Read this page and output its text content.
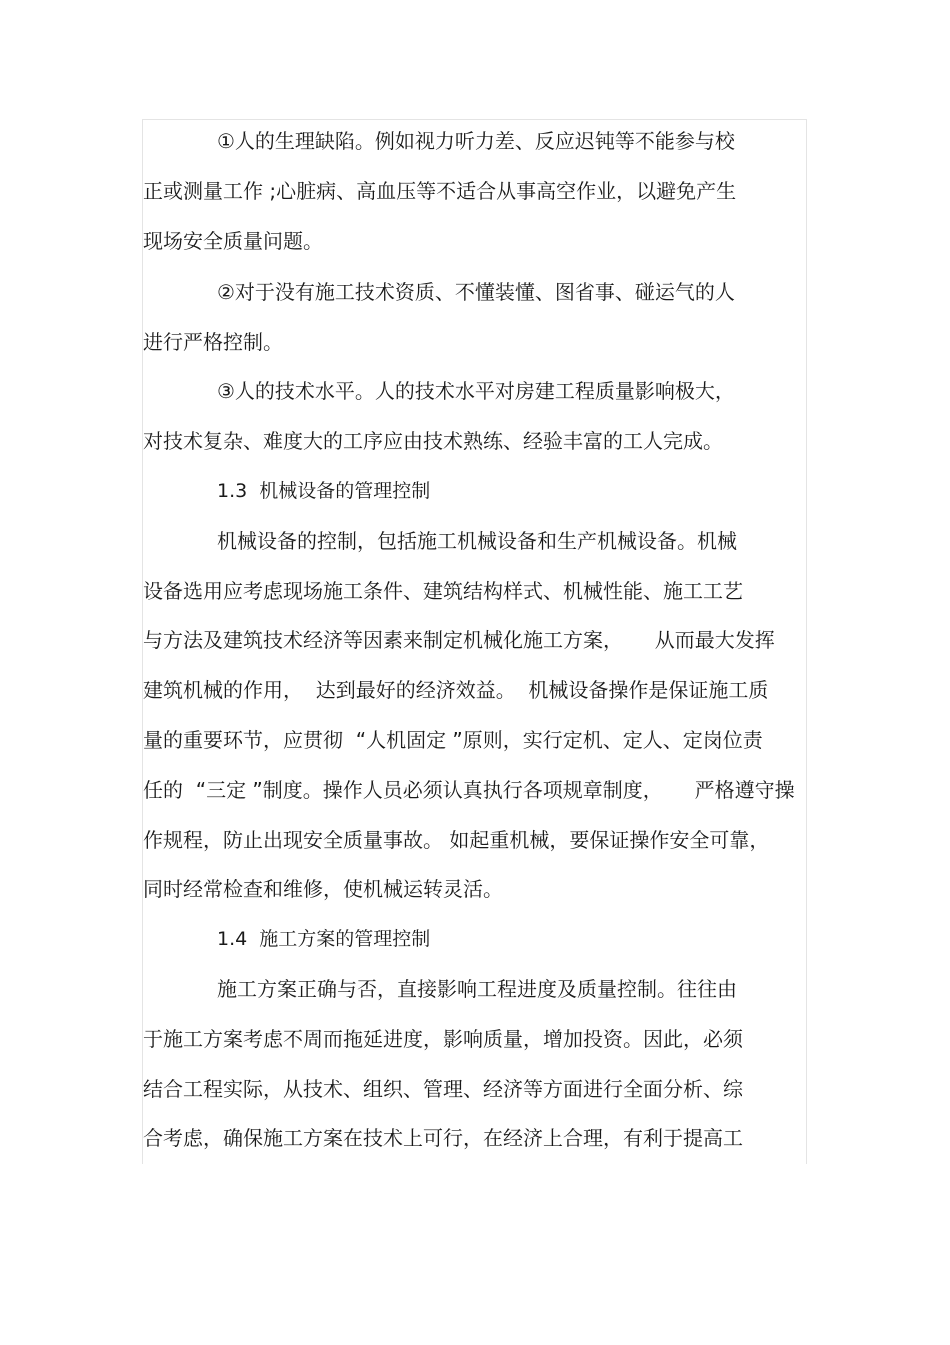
①人的生理缺陷。例如视力听力差、反应迟钝等不能参与校

正或测量工作 ;心脏病、高血压等不适合从事高空作业，以避免产生

现场安全质量问题。

②对于没有施工技术资质、不懂装懂、图省事、碰运气的人

进行严格控制。

③人的技术水平。人的技术水平对房建工程质量影响极大，

对技术复杂、难度大的工序应由技术熟练、经验丰富的工人完成。

1.3  机械设备的管理控制

机械设备的控制，包括施工机械设备和生产机械设备。机械

设备选用应考虑现场施工条件、建筑结构样式、机械性能、施工工艺

与方法及建筑技术经济等因素来制定机械化施工方案，     从而最大发挥

建筑机械的作用，  达到最好的经济效益。  机械设备操作是保证施工质

量的重要环节，应贯彻  “人机固定 ”原则，实行定机、定人、定岗位责

任的  “三定 ”制度。操作人员必须认真执行各项规章制度，     严格遵守操

作规程，防止出现安全质量事故。 如起重机械，要保证操作安全可靠，

同时经常检查和维修，使机械运转灵活。

1.4  施工方案的管理控制

施工方案正确与否，直接影响工程进度及质量控制。往往由

于施工方案考虑不周而拖延进度，影响质量，增加投资。因此，必须

结合工程实际，从技术、组织、管理、经济等方面进行全面分析、综

合考虑，确保施工方案在技术上可行，在经济上合理，有利于提高工
